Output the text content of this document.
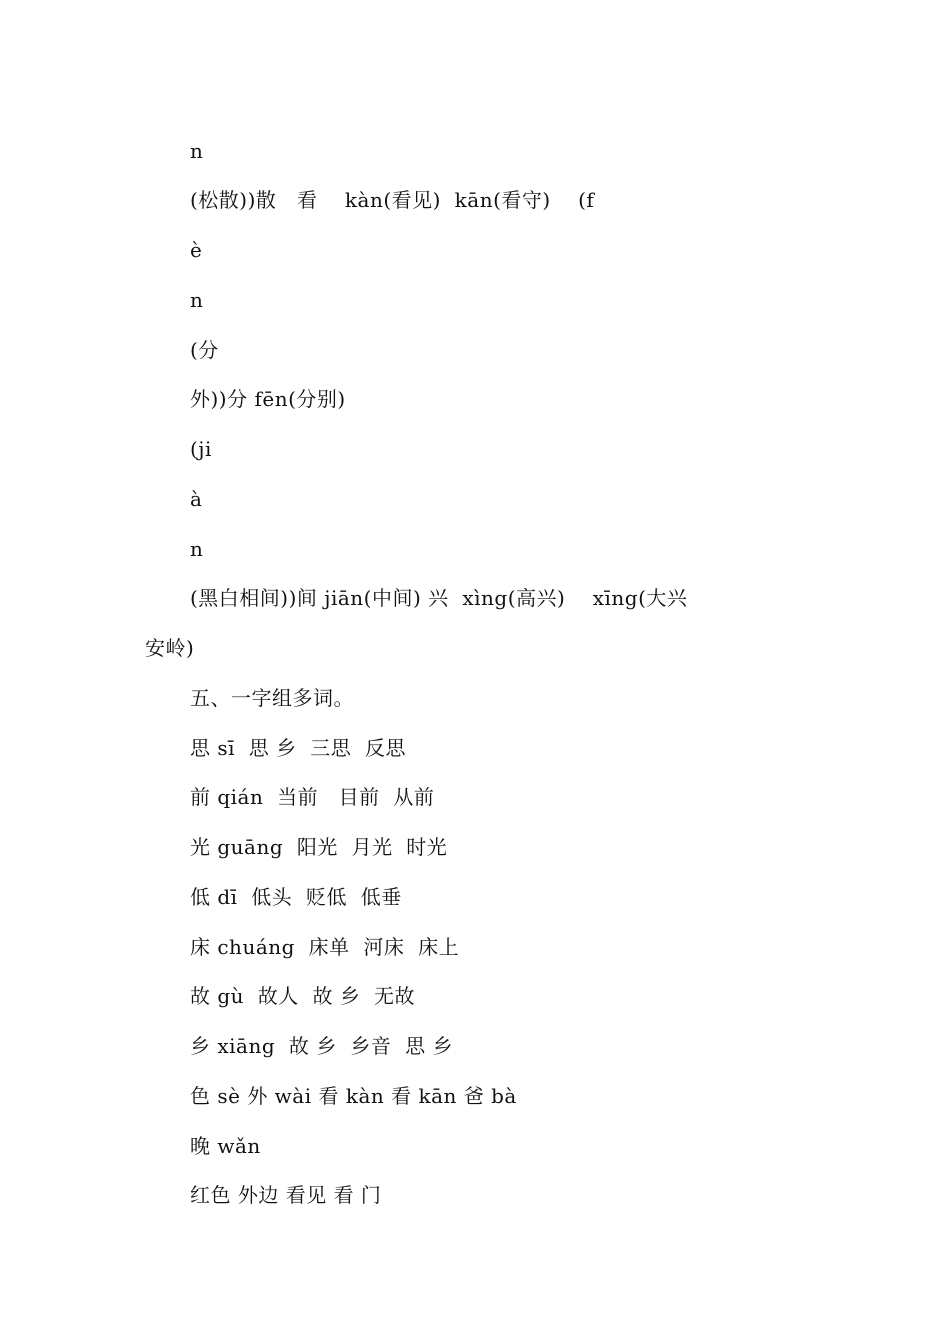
n
(松散))散   看    kàn(看见)  kān(看守)    (f
è
n
(分
外))分 fēn(分别)
(ji
à
n
(黑白相间))间 jiān(中间) 兴  xìng(高兴)    xīng(大兴
安岭)
五、一字组多词。
思 sī  思 乡  三思  反思
前 qián  当前   目前  从前
光 guāng  阳光  月光  时光
低 dī  低头  贬低  低垂
床 chuáng  床单  河床  床上
故 gù  故人  故 乡  无故
乡 xiāng  故 乡  乡音  思 乡
色 sè 外 wài 看 kàn 看 kān 爸 bà
晚 wǎn
红色 外边 看见 看 门
